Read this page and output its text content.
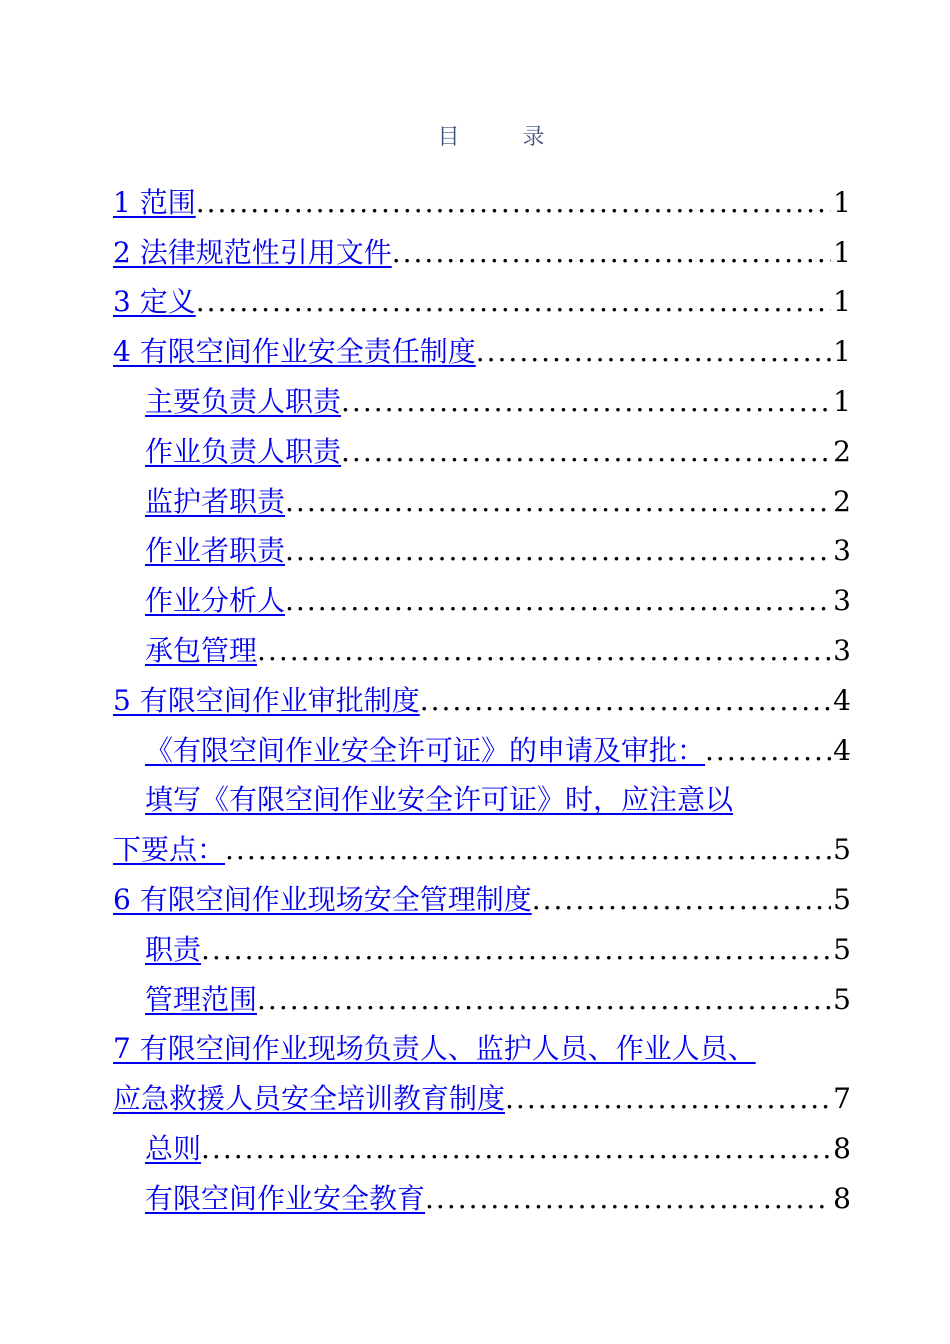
目 录
1 范围 .....	1
2 法律规范性引用文件 .....	1
3 定义 .....	1
4 有限空间作业安全责任制度 .....	1
主要负责人职责 .....	1
作业负责人职责 .....	2
监护者职责 .....	2
作业者职责 .....	3
作业分析人 .....	3
承包管理 .....	3
5 有限空间作业审批制度 .....	4
《有限空间作业安全许可证》的申请及审批： .....	4
填写《有限空间作业安全许可证》时，应注意以
下要点： .....	5
6 有限空间作业现场安全管理制度 .....	5
职责 .....	5
管理范围 .....	5
7 有限空间作业现场负责人、监护人员、作业人员、
应急救援人员安全培训教育制度 .....	7
总则 .....	8
有限空间作业安全教育 .....	8
